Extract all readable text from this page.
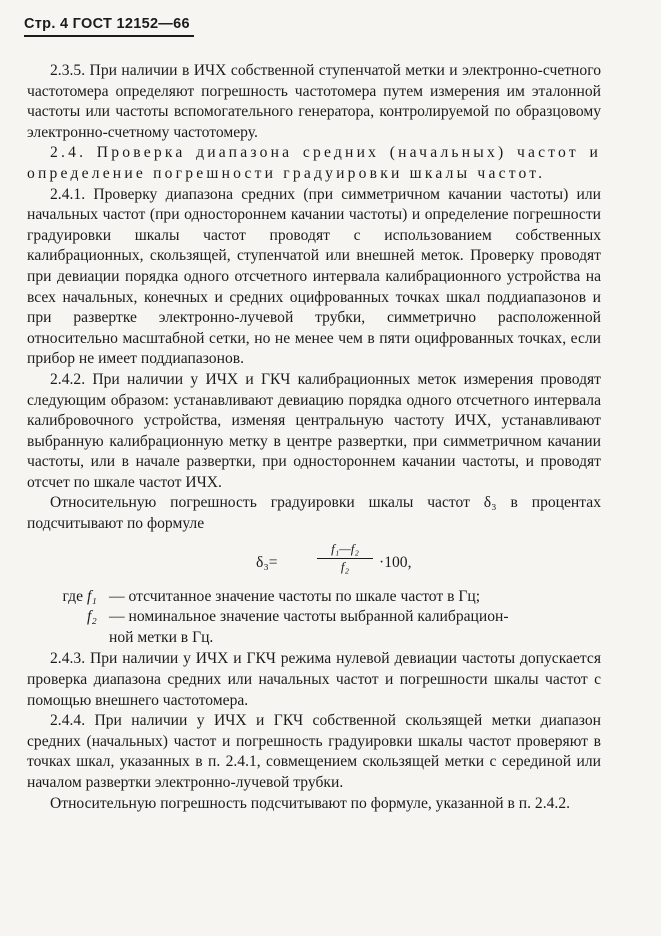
Стр. 4 ГОСТ 12152—66

2.3.5. При наличии в ИЧХ собственной ступенчатой метки и электронно-счетного частотомера определяют погрешность частотомера путем измерения им эталонной частоты или частоты вспомогательного генератора, контролируемой по образцовому электронно-счетному частотомеру.

2.4. Проверка диапазона средних (начальных) частот и определение погрешности градуировки шкалы частот.

2.4.1. Проверку диапазона средних (при симметричном качании частоты) или начальных частот (при одностороннем качании частоты) и определение погрешности градуировки шкалы частот проводят с использованием собственных калибрационных, скользящей, ступенчатой или внешней меток. Проверку проводят при девиации порядка одного отсчетного интервала калибрационного устройства на всех начальных, конечных и средних оцифрованных точках шкал поддиапазонов и при развертке электронно-лучевой трубки, симметрично расположенной относительно масштабной сетки, но не менее чем в пяти оцифрованных точках, если прибор не имеет поддиапазонов.

2.4.2. При наличии у ИЧХ и ГКЧ калибрационных меток измерения проводят следующим образом: устанавливают девиацию порядка одного отсчетного интервала калибровочного устройства, изменяя центральную частоту ИЧХ, устанавливают выбранную калибрационную метку в центре развертки, при симметричном качании частоты, или в начале развертки, при одностороннем качании частоты, и проводят отсчет по шкале частот ИЧХ.

Относительную погрешность градуировки шкалы частот δ₃ в процентах подсчитывают по формуле

δ₃=	$\frac{\text{f₁—f₂}}{\text{f₂}} \cdot 100$,
где f₁ — отсчитанное значение частоты по шкале частот в Гц;
f₂ — номинальное значение частоты выбранной калибрацион-
ной метки в Гц.

2.4.3. При наличии у ИЧХ и ГКЧ режима нулевой девиации частоты допускается проверка диапазона средних или начальных частот и погрешности шкалы частот с помощью внешнего частотомера.

2.4.4. При наличии у ИЧХ и ГКЧ собственной скользящей метки диапазон средних (начальных) частот и погрешность градуировки шкалы частот проверяют в точках шкал, указанных в п. 2.4.1, совмещением скользящей метки с серединой или началом развертки электронно-лучевой трубки.

Относительную погрешность подсчитывают по формуле, указанной в п. 2.4.2.
